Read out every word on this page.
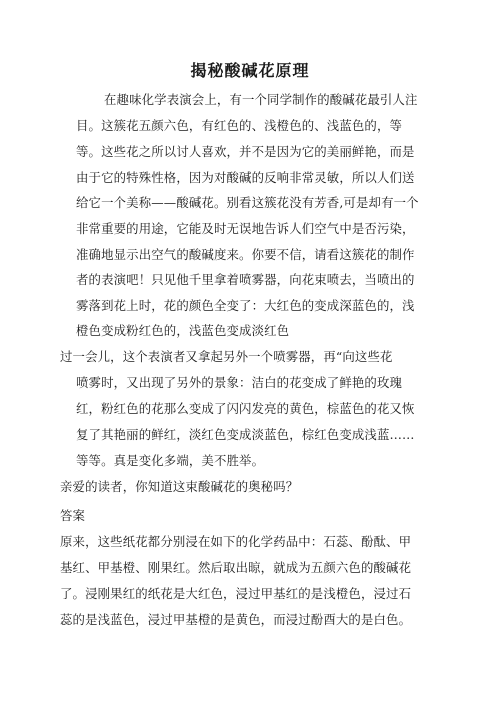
揭秘酸碱花原理

在趣味化学表演会上，有一个同学制作的酸碱花最引人注

目。这簇花五颜六色，有红色的、浅橙色的、浅蓝色的，等

等。这些花之所以讨人喜欢，并不是因为它的美丽鲜艳，而是

由于它的特殊性格，因为对酸碱的反响非常灵敏，所以人们送

给它一个美称——酸碱花。别看这簇花没有芳香,可是却有一个

非常重要的用途，它能及时无误地告诉人们空气中是否污染，

准确地显示出空气的酸碱度来。你要不信，请看这簇花的制作

者的表演吧！只见他千里拿着喷雾器，向花束喷去，当喷出的

雾落到花上时，花的颜色全变了：大红色的变成深蓝色的，浅

橙色变成粉红色的，浅蓝色变成淡红色

过一会儿，这个表演者又拿起另外一个喷雾器，再“向这些花

喷雾时，又出现了另外的景象：洁白的花变成了鲜艳的玫瑰

红，粉红色的花那么变成了闪闪发亮的黄色，棕蓝色的花又恢

复了其艳丽的鲜红，淡红色变成淡蓝色，棕红色变成浅蓝……

等等。真是变化多端，美不胜举。

亲爱的读者，你知道这束酸碱花的奥秘吗？

答案

原来，这些纸花都分别浸在如下的化学药品中：石蕊、酚酞、甲

基红、甲基橙、刚果红。然后取出晾，就成为五颜六色的酸碱花

了。浸刚果红的纸花是大红色，浸过甲基红的是浅橙色，浸过石

蕊的是浅蓝色，浸过甲基橙的是黄色，而浸过酚酉大的是白色。
